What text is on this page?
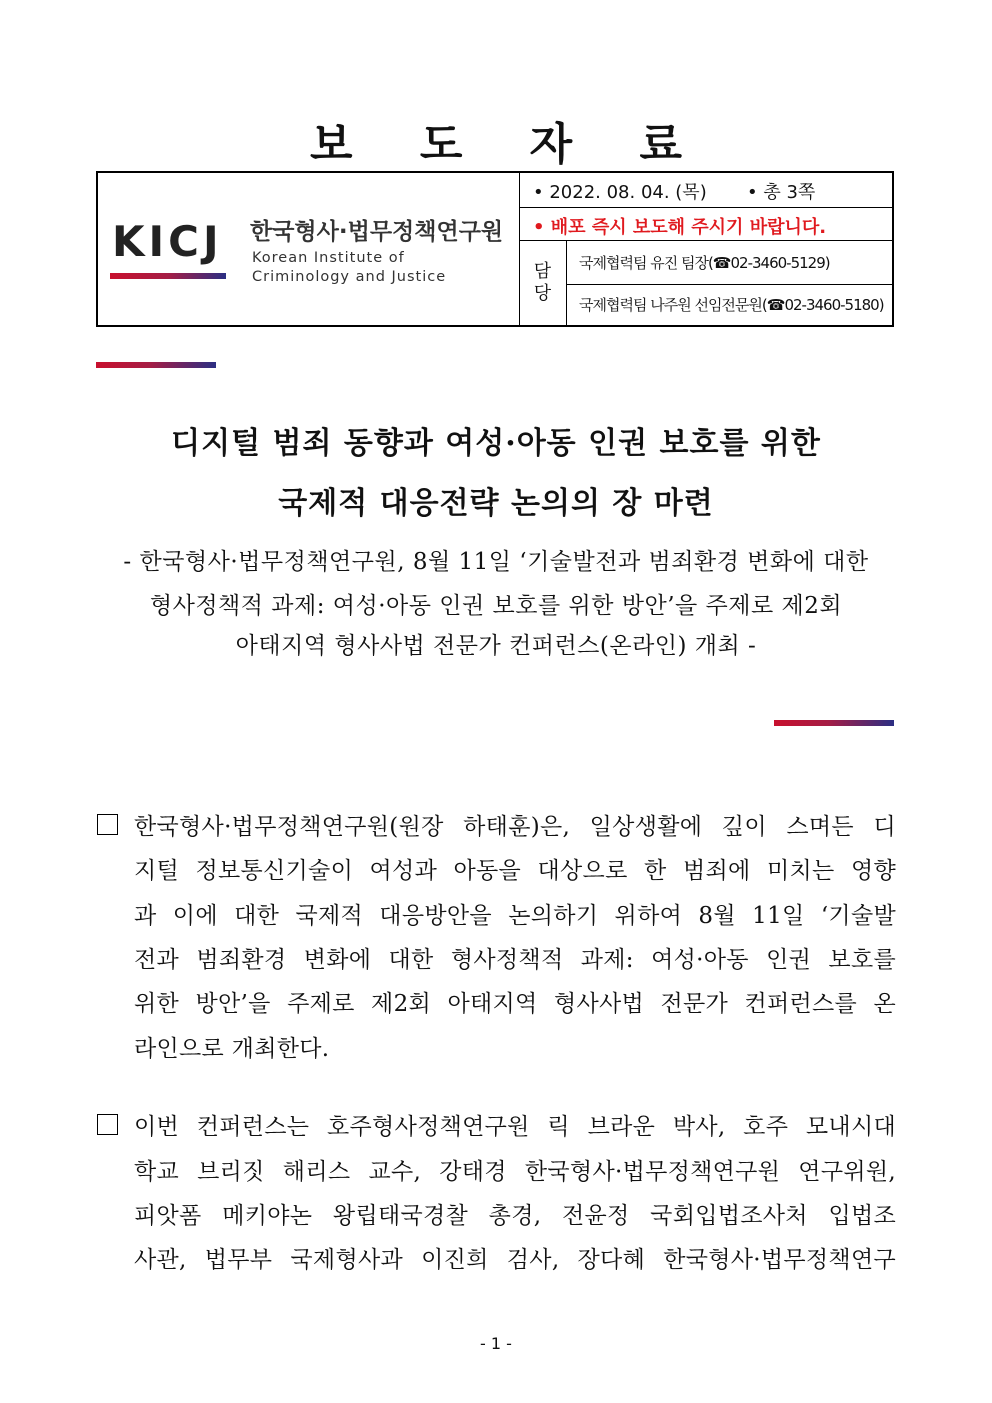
보 도 자 료
KICJ 한국형사·법무정책연구원
Korean Institute of
Criminology and Justice
• 2022. 08. 04. (목) • 총 3쪽
• 배포 즉시 보도해 주시기 바랍니다.
담당
국제협력팀 유진 팀장(☎02-3460-5129)
국제협력팀 나주원 선임전문원(☎02-3460-5180)
디지털 범죄 동향과 여성·아동 인권 보호를 위한
국제적 대응전략 논의의 장 마련
- 한국형사·법무정책연구원, 8월 11일 ‘기술발전과 범죄환경 변화에 대한
형사정책적 과제: 여성·아동 인권 보호를 위한 방안’을 주제로 제2회
아태지역 형사사법 전문가 컨퍼런스(온라인) 개최 -
한국형사·법무정책연구원(원장 하태훈)은, 일상생활에 깊이 스며든 디
지털 정보통신기술이 여성과 아동을 대상으로 한 범죄에 미치는 영향
과 이에 대한 국제적 대응방안을 논의하기 위하여 8월 11일 ‘기술발
전과 범죄환경 변화에 대한 형사정책적 과제: 여성·아동 인권 보호를
위한 방안’을 주제로 제2회 아태지역 형사사법 전문가 컨퍼런스를 온
라인으로 개최한다.
이번 컨퍼런스는 호주형사정책연구원 릭 브라운 박사, 호주 모내시대
학교 브리짓 해리스 교수, 강태경 한국형사·법무정책연구원 연구위원,
피앗폼 메키야논 왕립태국경찰 총경, 전윤정 국회입법조사처 입법조
사관, 법무부 국제형사과 이진희 검사, 장다혜 한국형사·법무정책연구
- 1 -
